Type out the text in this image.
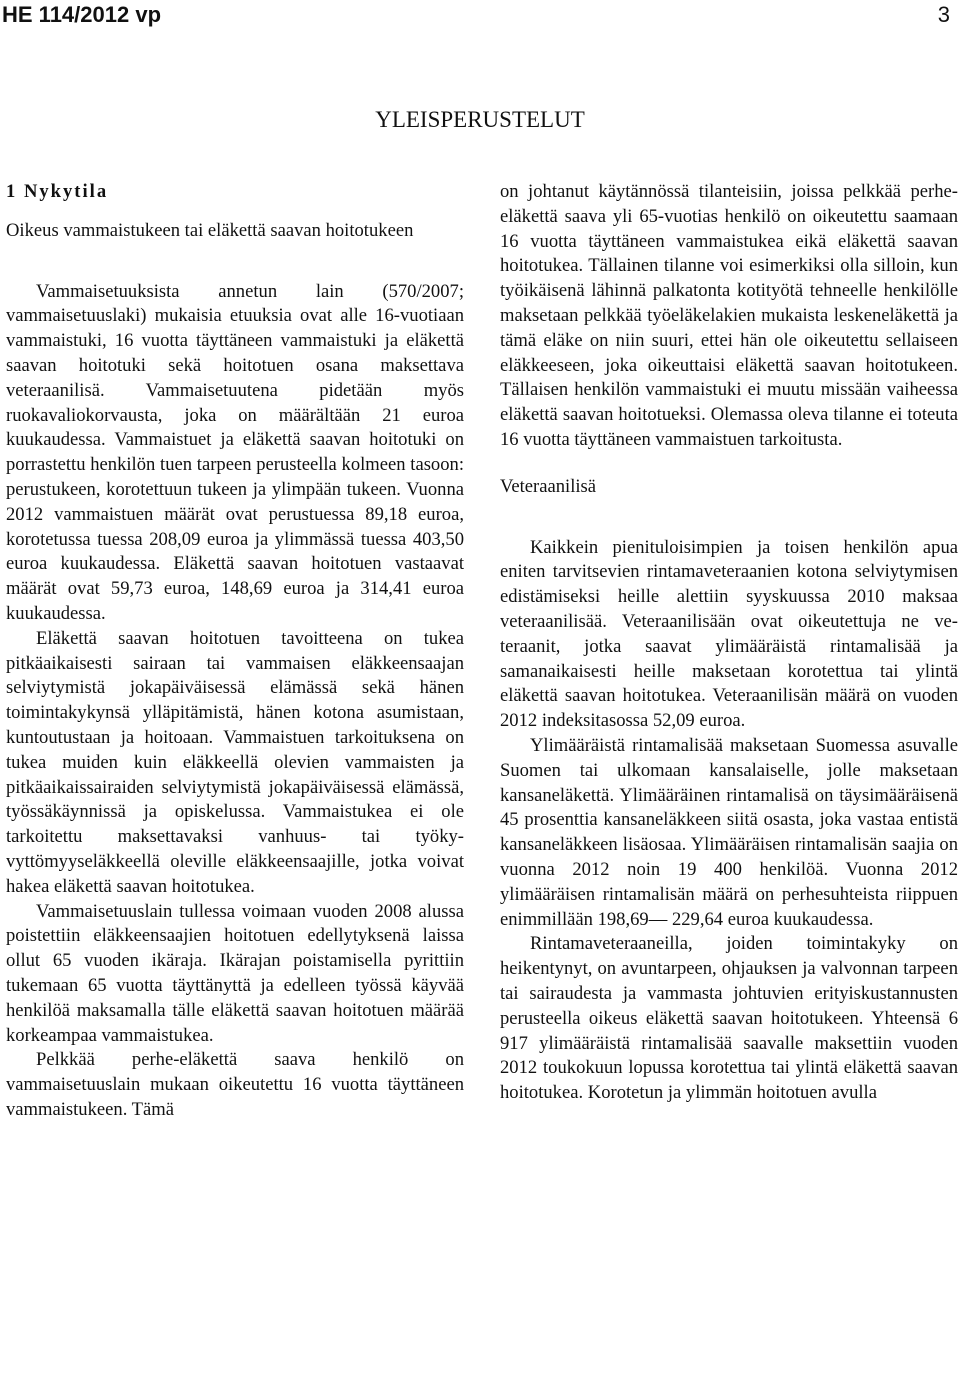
HE 114/2012 vp	3
YLEISPERUSTELUT

1 Nykytila

Oikeus vammaistukeen tai eläkettä saavan hoitotukeen

Vammaisetuuksista annetun lain (570/2007; vammaisetuuslaki) mukaisia etuuksia ovat alle 16-vuotiaan vammaistuki, 16 vuotta täyttäneen vammaistuki ja eläkettä saavan hoitotuki sekä hoitotuen osana maksettava veteraanilisä. Vammaisetuutena pidetään myös ruokavaliokorvausta, joka on määrältään 21 euroa kuukaudessa. Vammaistuet ja eläkettä saavan hoitotuki on porrastettu henkilön tuen tarpeen perusteella kolmeen tasoon: perustukeen, korotettuun tukeen ja ylimpään tukeen. Vuonna 2012 vammaistuen määrät ovat perustuessa 89,18 euroa, korotetussa tuessa 208,09 euroa ja ylimmässä tuessa 403,50 euroa kuukaudessa. Eläkettä saavan hoitotuen vastaavat määrät ovat 59,73 euroa, 148,69 euroa ja 314,41 euroa kuukaudessa.

Eläkettä saavan hoitotuen tavoitteena on tukea pitkäaikaisesti sairaan tai vammaisen eläkkeensaajan selviytymistä jokapäiväisessä elämässä sekä hänen toimintakykynsä ylläpitämistä, hänen kotona asumistaan, kuntoutustaan ja hoitoaan. Vammaistuen tarkoituksena on tukea muiden kuin eläkkeellä olevien vammaisten ja pitkäaikaissairaiden selviytymistä jokapäiväisessä elämässä, työssäkäynnissä ja opiskelussa. Vammaistukea ei ole tarkoitettu maksettavaksi vanhuus- tai työkyvyttömyyseläkkeellä oleville eläkkeensaajille, jotka voivat hakea eläkettä saavan hoitotukea.

Vammaisetuuslain tullessa voimaan vuoden 2008 alussa poistettiin eläkkeensaajien hoitotuen edellytyksenä laissa ollut 65 vuoden ikäraja. Ikärajan poistamisella pyrittiin tukemaan 65 vuotta täyttänyttä ja edelleen työssä käyvää henkilöä maksamalla tälle eläkettä saavan hoitotuen määrää korkeampaa vammaistukea.

Pelkkää perhe-eläkettä saava henkilö on vammaisetuuslain mukaan oikeutettu 16 vuotta täyttäneen vammaistukeen. Tämä

on johtanut käytännössä tilanteisiin, joissa pelkkää perhe-eläkettä saava yli 65-vuotias henkilö on oikeutettu saamaan 16 vuotta täyttäneen vammaistukea eikä eläkettä saavan hoitotukea. Tällainen tilanne voi esimerkiksi olla silloin, kun työikäisenä lähinnä palkatonta kotityötä tehneelle henkilölle maksetaan pelkkää työeläkelakien mukaista leskeneläkettä ja tämä eläke on niin suuri, ettei hän ole oikeutettu sellaiseen eläkkeeseen, joka oikeuttaisi eläkettä saavan hoitotukeen. Tällaisen henkilön vammaistuki ei muutu missään vaiheessa eläkettä saavan hoitotueksi. Olemassa oleva tilanne ei toteuta 16 vuotta täyttäneen vammaistuen tarkoitusta.

Veteraanilisä

Kaikkein pienituloisimpien ja toisen henkilön apua eniten tarvitsevien rintamaveteraanien kotona selviytymisen edistämiseksi heille alettiin syyskuussa 2010 maksaa veteraanilisää. Veteraanilisään ovat oikeutettuja ne veteraanit, jotka saavat ylimääräistä rintamalisää ja samanaikaisesti heille maksetaan korotettua tai ylintä eläkettä saavan hoitotukea. Veteraanilisän määrä on vuoden 2012 indeksitasossa 52,09 euroa.

Ylimääräistä rintamalisää maksetaan Suomessa asuvalle Suomen tai ulkomaan kansalaiselle, jolle maksetaan kansaneläkettä. Ylimääräinen rintamalisä on täysimääräisenä 45 prosenttia kansaneläkkeen siitä osasta, joka vastaa entistä kansaneläkkeen lisäosaa. Ylimääräisen rintamalisän saajia on vuonna 2012 noin 19 400 henkilöä. Vuonna 2012 ylimääräisen rintamalisän määrä on perhesuhteista riippuen enimmillään 198,69— 229,64 euroa kuukaudessa.

Rintamaveteraaneilla, joiden toimintakyky on heikentynyt, on avuntarpeen, ohjauksen ja valvonnan tarpeen tai sairaudesta ja vammasta johtuvien erityiskustannusten perusteella oikeus eläkettä saavan hoitotukeen. Yhteensä 6 917 ylimääräistä rintamalisää saavalle maksettiin vuoden 2012 toukokuun lopussa korotettua tai ylintä eläkettä saavan hoitotukea. Korotetun ja ylimmän hoitotuen avulla
